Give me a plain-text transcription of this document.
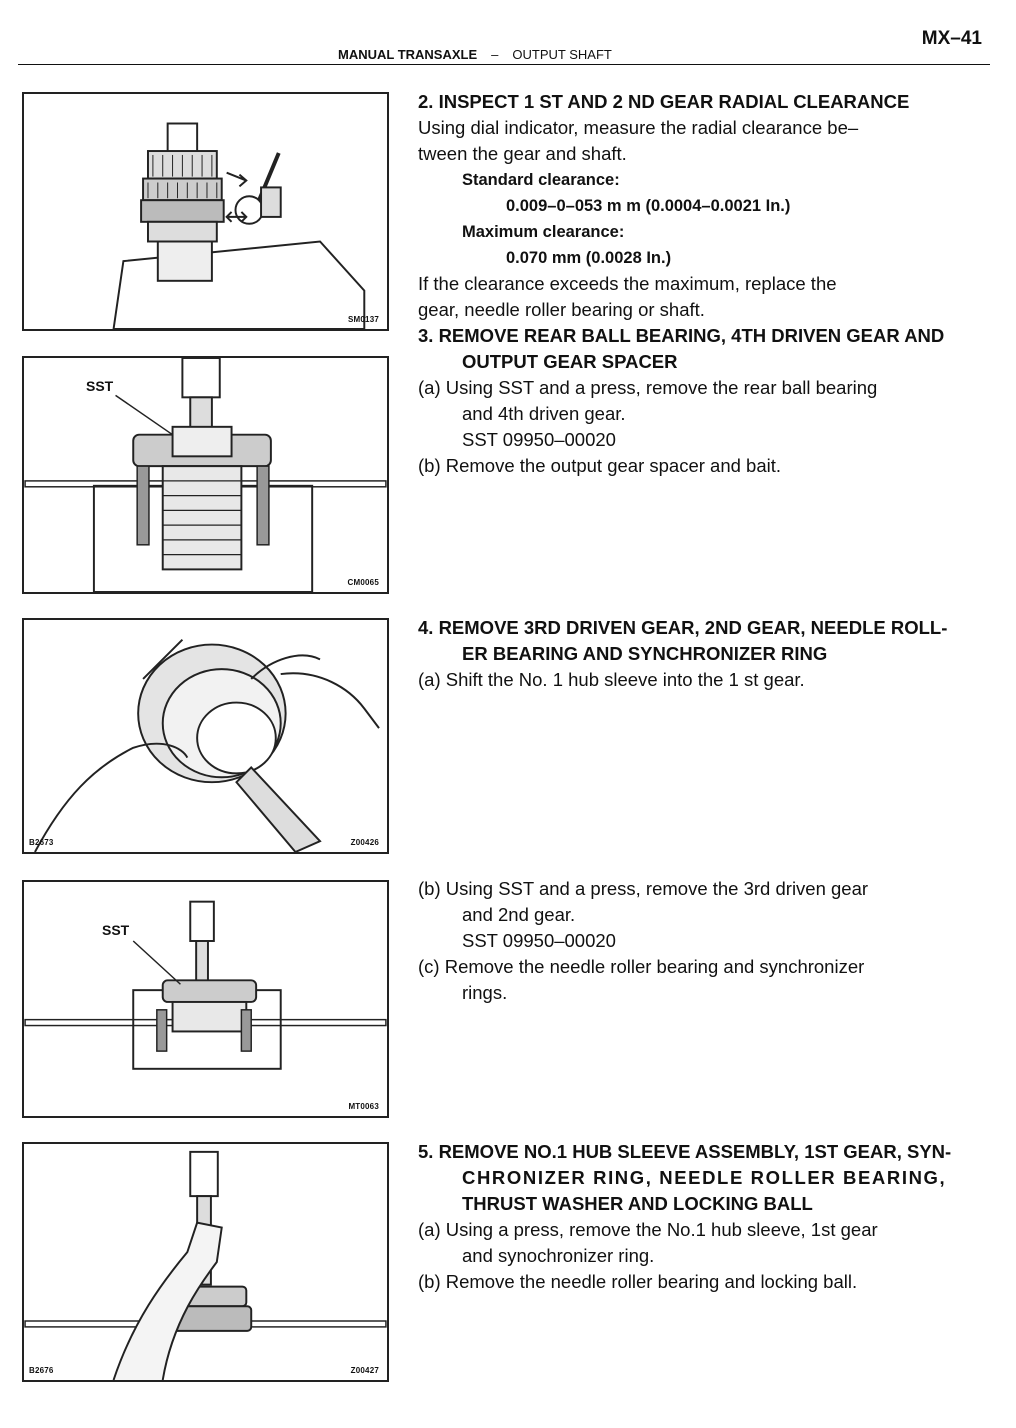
MX–41
MANUAL TRANSAXLE – OUTPUT SHAFT
SM0137
SST
CM0065
B2673	Z00426
SST
MT0063
B2676	Z00427
2. INSPECT 1 ST AND 2 ND GEAR RADIAL CLEARANCE
Using dial indicator, measure the radial clearance be–
tween the gear and shaft.
Standard clearance:
0.009–0–053 m m (0.0004–0.0021 In.)
Maximum clearance:
0.070 mm (0.0028 In.)
If the clearance exceeds the maximum, replace the
gear, needle roller bearing or shaft.
3. REMOVE REAR BALL BEARING, 4TH DRIVEN GEAR AND
OUTPUT GEAR SPACER
(a) Using SST and a press, remove the rear ball bearing
and 4th driven gear.
SST 09950–00020
(b) Remove the output gear spacer and bait.
4. REMOVE 3RD DRIVEN GEAR, 2ND GEAR, NEEDLE ROLL-
ER BEARING AND SYNCHRONIZER RING
(a) Shift the No. 1 hub sleeve into the 1 st gear.
(b) Using SST and a press, remove the 3rd driven gear
and 2nd gear.
SST 09950–00020
(c) Remove the needle roller bearing and synchronizer
rings.
5. REMOVE NO.1 HUB SLEEVE ASSEMBLY, 1ST GEAR, SYN-
CHRONIZER RING, NEEDLE ROLLER BEARING,
THRUST WASHER AND LOCKING BALL
(a) Using a press, remove the No.1 hub sleeve, 1st gear
and synochronizer ring.
(b) Remove the needle roller bearing and locking ball.
